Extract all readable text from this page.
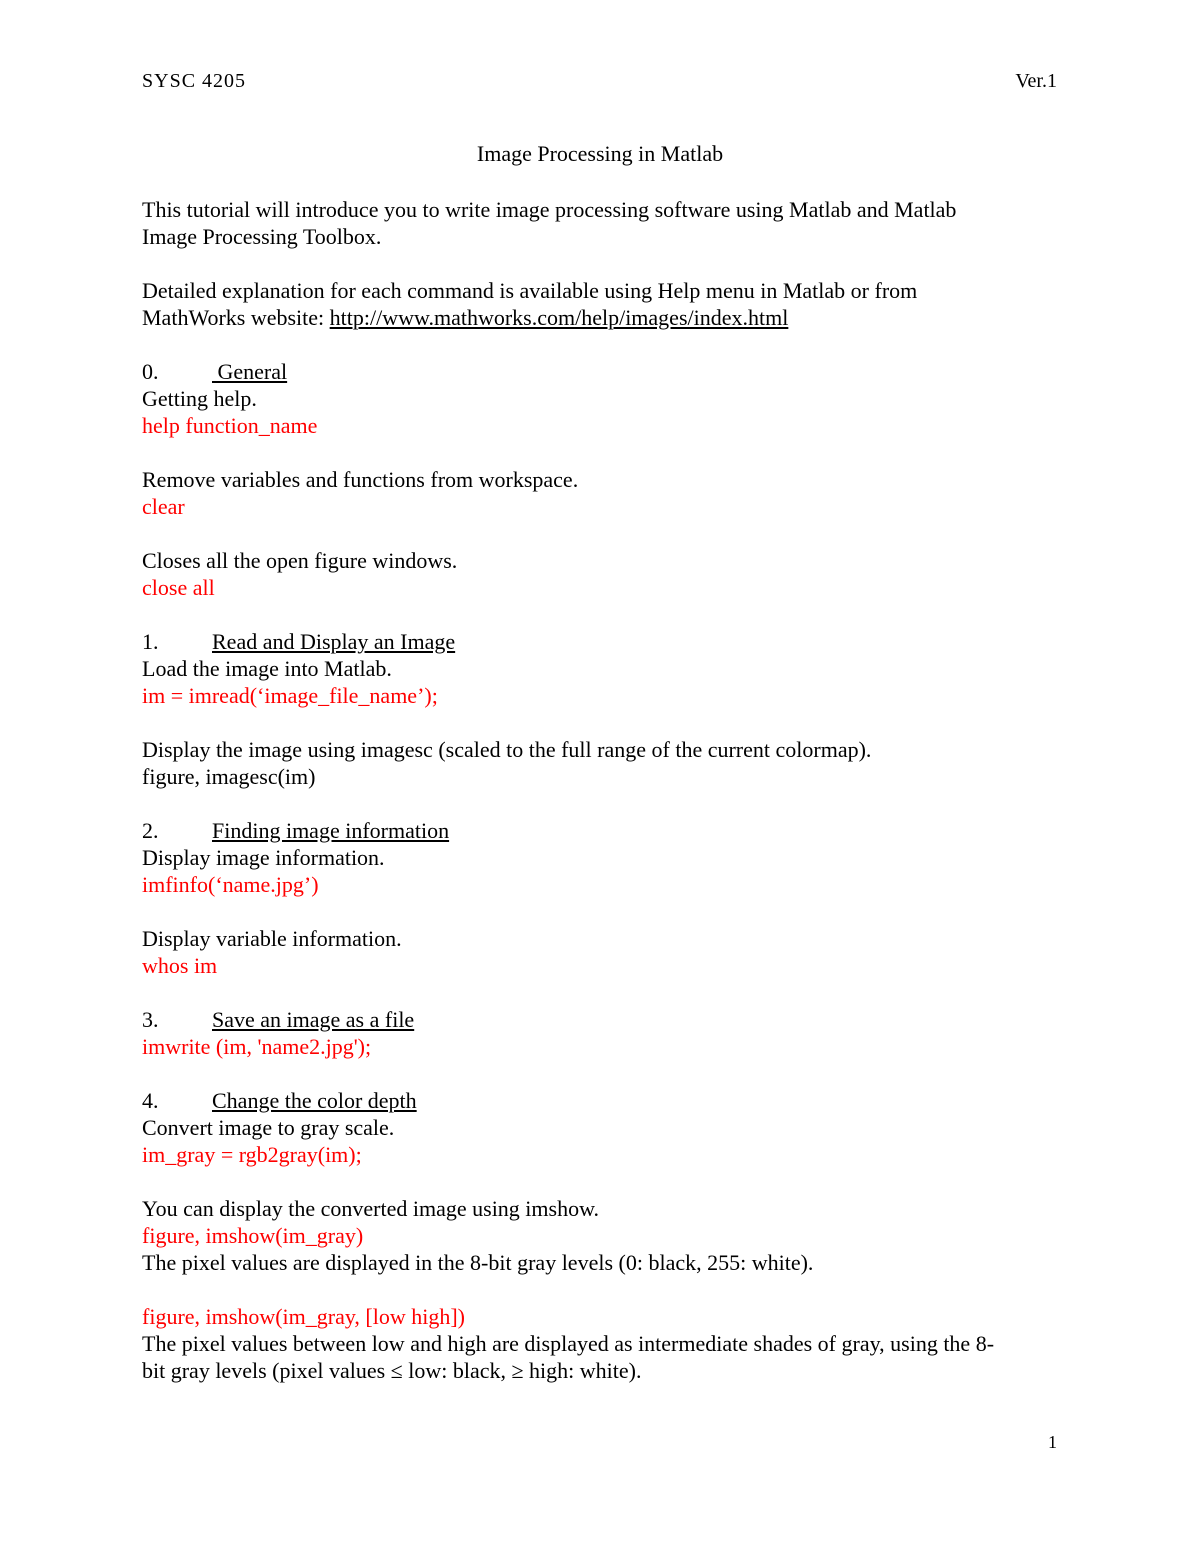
SYSC 4205	Ver.1
Image Processing in Matlab

This tutorial will introduce you to write image processing software using Matlab and Matlab

Image Processing Toolbox.

Detailed explanation for each command is available using Help menu in Matlab or from

MathWorks website: http://www.mathworks.com/help/images/index.html

0. General

Getting help.

help function_name

Remove variables and functions from workspace.

clear

Closes all the open figure windows.

close all

1. Read and Display an Image

Load the image into Matlab.

im = imread(‘image_file_name’);

Display the image using imagesc (scaled to the full range of the current colormap).

figure, imagesc(im)

2. Finding image information

Display image information.

imfinfo(‘name.jpg’)

Display variable information.

whos im

3. Save an image as a file

imwrite (im, 'name2.jpg');

4. Change the color depth

Convert image to gray scale.

im_gray = rgb2gray(im);

You can display the converted image using imshow.

figure, imshow(im_gray)

The pixel values are displayed in the 8-bit gray levels (0: black, 255: white).

figure, imshow(im_gray, [low high])

The pixel values between low and high are displayed as intermediate shades of gray, using the 8-

bit gray levels (pixel values ≤ low: black, ≥ high: white).

1
